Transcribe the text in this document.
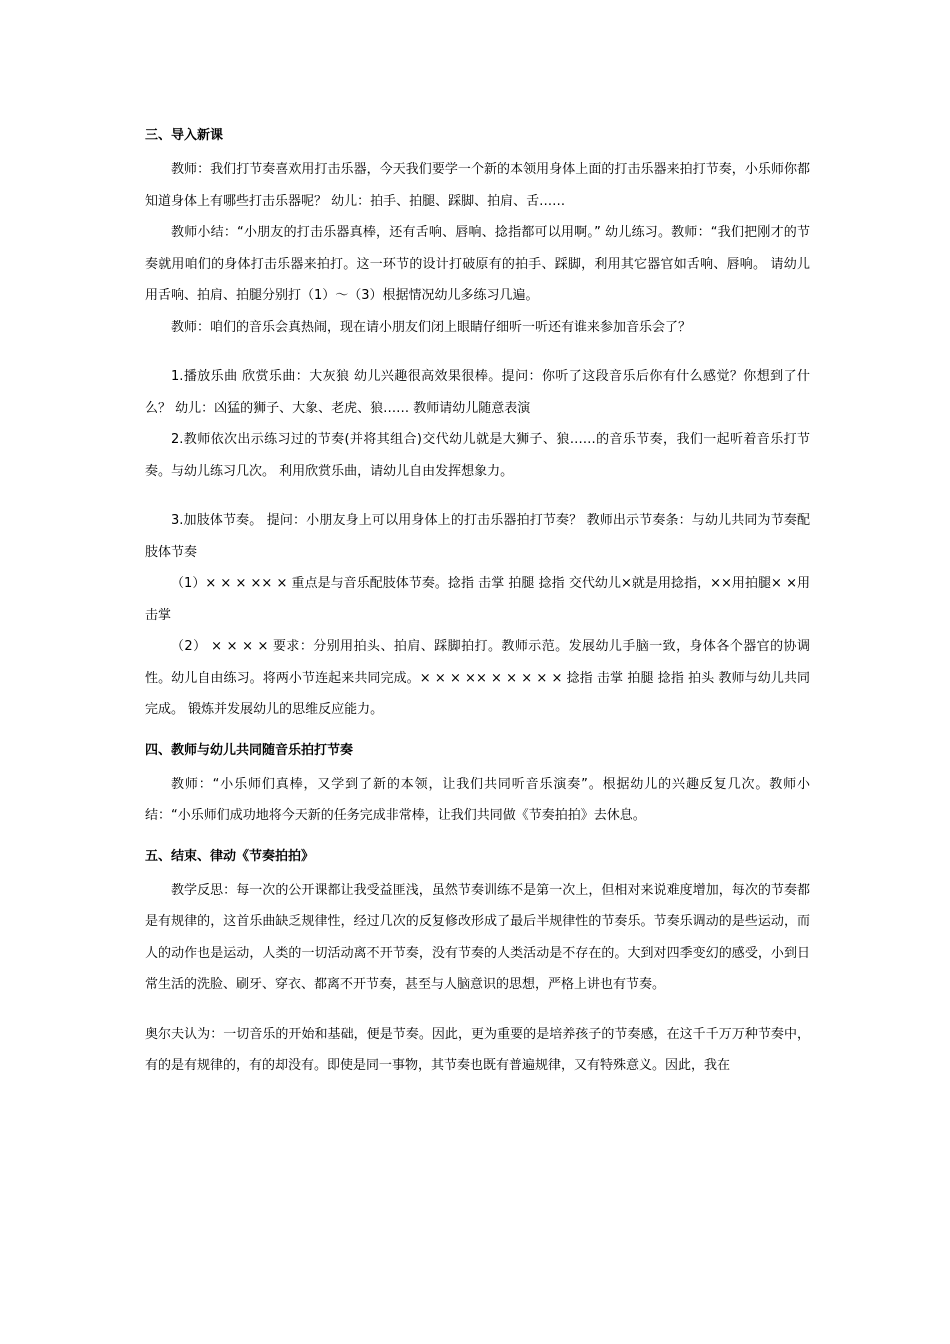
三、导入新课

教师：我们打节奏喜欢用打击乐器，今天我们要学一个新的本领用身体上面的打击乐器来拍打节奏，小乐师你都知道身体上有哪些打击乐器呢？ 幼儿：拍手、拍腿、踩脚、拍肩、舌……

教师小结：“小朋友的打击乐器真棒，还有舌响、唇响、捻指都可以用啊。” 幼儿练习。教师：“我们把刚才的节奏就用咱们的身体打击乐器来拍打。这一环节的设计打破原有的拍手、踩脚，利用其它器官如舌响、唇响。 请幼儿用舌响、拍肩、拍腿分别打（1）～（3）根据情况幼儿多练习几遍。

教师：咱们的音乐会真热闹，现在请小朋友们闭上眼睛仔细听一听还有谁来参加音乐会了？

1.播放乐曲 欣赏乐曲：大灰狼 幼儿兴趣很高效果很棒。提问：你听了这段音乐后你有什么感觉？你想到了什么？ 幼儿：凶猛的狮子、大象、老虎、狼…… 教师请幼儿随意表演

2.教师依次出示练习过的节奏(并将其组合)交代幼儿就是大狮子、狼……的音乐节奏，我们一起听着音乐打节奏。与幼儿练习几次。 利用欣赏乐曲，请幼儿自由发挥想象力。

3.加肢体节奏。 提问：小朋友身上可以用身体上的打击乐器拍打节奏？ 教师出示节奏条：与幼儿共同为节奏配肢体节奏

（1）× × × ×× × 重点是与音乐配肢体节奏。捻指 击掌 拍腿 捻指 交代幼儿×就是用捻指，××用拍腿× ×用击掌

（2） × × × × 要求：分别用拍头、拍肩、踩脚拍打。教师示范。发展幼儿手脑一致，身体各个器官的协调性。幼儿自由练习。将两小节连起来共同完成。× × × ×× × × × × × 捻指 击掌 拍腿 捻指 拍头 教师与幼儿共同完成。 锻炼并发展幼儿的思维反应能力。

四、教师与幼儿共同随音乐拍打节奏

教师：“小乐师们真棒，又学到了新的本领，让我们共同听音乐演奏”。根据幼儿的兴趣反复几次。教师小结：“小乐师们成功地将今天新的任务完成非常棒，让我们共同做《节奏拍拍》去休息。

五、结束、律动《节奏拍拍》

教学反思：每一次的公开课都让我受益匪浅，虽然节奏训练不是第一次上，但相对来说难度增加，每次的节奏都是有规律的，这首乐曲缺乏规律性，经过几次的反复修改形成了最后半规律性的节奏乐。节奏乐调动的是些运动，而人的动作也是运动，人类的一切活动离不开节奏，没有节奏的人类活动是不存在的。大到对四季变幻的感受，小到日常生活的洗脸、刷牙、穿衣、都离不开节奏，甚至与人脑意识的思想，严格上讲也有节奏。

奥尔夫认为：一切音乐的开始和基础，便是节奏。因此，更为重要的是培养孩子的节奏感，在这千千万万种节奏中，有的是有规律的，有的却没有。即使是同一事物，其节奏也既有普遍规律，又有特殊意义。因此，我在
